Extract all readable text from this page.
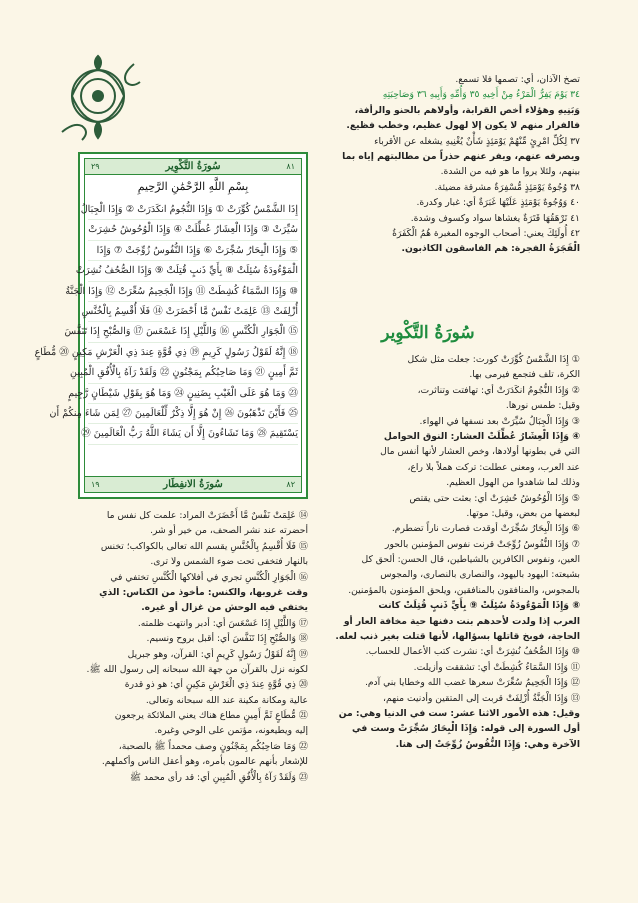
تصخ الآذان، أي: تصمها فلا تسمع.
٣٤ يَوْمَ يَفِرُّ الْمَرْءُ مِنْ أَخِيهِ ٣٥ وَأُمِّهِ وَأَبِيهِ ٣٦ وَصَاحِبَتِهِ
وَبَنِيهِ وهؤلاء أخص القرابة، وأولاهم بالحنو والرأفة،
فالفرار منهم لا يكون إلا لهول عظيم، وخطب فظيع.
٣٧ لِكُلِّ امْرِئٍ مِّنْهُمْ يَوْمَئِذٍ شَأْنٌ يُغْنِيهِ يشغله عن الأقرباء
ويصرفه عنهم، ويفر عنهم حذراً من مطالبتهم إياه بما
بينهم، ولئلا يروا ما هو فيه من الشدة.
٣٨ وُجُوهٌ يَوْمَئِذٍ مُّسْفِرَةٌ مشرقة مضيئة.
٤٠ وَوُجُوهٌ يَوْمَئِذٍ عَلَيْهَا غَبَرَةٌ أي: غبار وكدرة.
٤١ تَرْهَقُهَا قَتَرَةٌ يغشاها سواد وكسوف وشدة.
٤٢ أُولَئِكَ يعني: أصحاب الوجوه المغبرة هُمُ الْكَفَرَةُ
الْفَجَرَةُ الفجرة: هم الفاسقون الكاذبون.
سُورَةُ التَّكْوِير
① إِذَا الشَّمْسُ كُوِّرَتْ كورت: جعلت مثل شكل
الكرة، تلف فتجمع فيرمى بها.
② وَإِذَا النُّجُومُ انكَدَرَتْ أي: تهافتت وتناثرت،
وقيل: طمس نورها.
③ وَإِذَا الْجِبَالُ سُيِّرَتْ بعد نسفها في الهواء.
④ وَإِذَا الْعِشَارُ عُطِّلَتْ العشار: النوق الحوامل
التي في بطونها أولادها، وخص العشار لأنها أنفس مال
عند العرب، ومعنى عطلت: تركت هملاً بلا راع،
وذلك لما شاهدوا من الهول العظيم.
⑤ وَإِذَا الْوُحُوشُ حُشِرَتْ أي: بعثت حتى يقتص
لبعضها من بعض، وقيل: موتها.
⑥ وَإِذَا الْبِحَارُ سُجِّرَتْ أوقدت فصارت ناراً تضطرم.
⑦ وَإِذَا النُّفُوسُ زُوِّجَتْ قرنت نفوس المؤمنين بالحور
العين، ونفوس الكافرين بالشياطين، قال الحسن: ألحق كل
بشيعته: اليهود باليهود، والنصارى بالنصارى، والمجوس
بالمجوس، والمنافقون بالمنافقين، ويلحق المؤمنون بالمؤمنين.
⑧ وَإِذَا الْمَوْءُودَةُ سُئِلَتْ ⑨ بِأَيِّ ذَنبٍ قُتِلَتْ كانت
العرب إذا ولدت لأحدهم بنت دفنها حية مخافة العار أو
الحاجة، فوبخ قاتلها بسؤالها، لأنها قتلت بغير ذنب لعله.
⑩ وَإِذَا الصُّحُفُ نُشِرَتْ أي: نشرت كتب الأعمال للحساب.
⑪ وَإِذَا السَّمَاءُ كُشِطَتْ أي: تشققت وأزيلت.
⑫ وَإِذَا الْجَحِيمُ سُعِّرَتْ سعرها غضب الله وخطايا بني آدم.
⑬ وَإِذَا الْجَنَّةُ أُزْلِفَتْ قربت إلى المتقين وأدنيت منهم،
وقيل: هذه الأمور الاثنا عشر: ست في الدنيا وهي: من
أول السورة إلى قوله: وَإِذَا الْبِحَارُ سُجِّرَتْ وست في
الآخرة وهي: وَإِذَا النُّفُوسُ زُوِّجَتْ إلى هنا.
٨١
سُورَةُ التَّكْوِير
٢٩
بِسْمِ اللَّهِ الرَّحْمَٰنِ الرَّحِيمِ
إِذَا الشَّمْسُ كُوِّرَتْ ① وَإِذَا النُّجُومُ انكَدَرَتْ ② وَإِذَا الْجِبَالُ
سُيِّرَتْ ③ وَإِذَا الْعِشَارُ عُطِّلَتْ ④ وَإِذَا الْوُحُوشُ حُشِرَتْ
⑤ وَإِذَا الْبِحَارُ سُجِّرَتْ ⑥ وَإِذَا النُّفُوسُ زُوِّجَتْ ⑦ وَإِذَا
الْمَوْءُودَةُ سُئِلَتْ ⑧ بِأَيِّ ذَنبٍ قُتِلَتْ ⑨ وَإِذَا الصُّحُفُ نُشِرَتْ
⑩ وَإِذَا السَّمَاءُ كُشِطَتْ ⑪ وَإِذَا الْجَحِيمُ سُعِّرَتْ ⑫ وَإِذَا الْجَنَّةُ
أُزْلِفَتْ ⑬ عَلِمَتْ نَفْسٌ مَّا أَحْضَرَتْ ⑭ فَلَا أُقْسِمُ بِالْخُنَّسِ
⑮ الْجَوَارِ الْكُنَّسِ ⑯ وَاللَّيْلِ إِذَا عَسْعَسَ ⑰ وَالصُّبْحِ إِذَا تَنَفَّسَ
⑱ إِنَّهُ لَقَوْلُ رَسُولٍ كَرِيمٍ ⑲ ذِي قُوَّةٍ عِندَ ذِي الْعَرْشِ مَكِينٍ ⑳ مُّطَاعٍ
ثَمَّ أَمِينٍ ㉑ وَمَا صَاحِبُكُم بِمَجْنُونٍ ㉒ وَلَقَدْ رَآهُ بِالْأُفُقِ الْمُبِينِ
㉓ وَمَا هُوَ عَلَى الْغَيْبِ بِضَنِينٍ ㉔ وَمَا هُوَ بِقَوْلِ شَيْطَانٍ رَّجِيمٍ
㉕ فَأَيْنَ تَذْهَبُونَ ㉖ إِنْ هُوَ إِلَّا ذِكْرٌ لِّلْعَالَمِينَ ㉗ لِمَن شَاءَ مِنكُمْ أَن
يَسْتَقِيمَ ㉘ وَمَا تَشَاءُونَ إِلَّا أَن يَشَاءَ اللَّهُ رَبُّ الْعَالَمِينَ ㉙
٨٢
سُورَةُ الانفِطَار
١٩
⑭ عَلِمَتْ نَفْسٌ مَّا أَحْضَرَتْ المراد: علمت كل نفس ما
أحضرته عند نشر الصحف، من خير أو شر.
⑮ فَلَا أُقْسِمُ بِالْخُنَّسِ يقسم الله تعالى بالكواكب؛ تخنس
بالنهار فتخفى تحت ضوء الشمس ولا ترى.
⑯ الْجَوَارِ الْكُنَّسِ تجري في أفلاكها الْكُنَّسِ تختفي في
وقت غروبها، والكنس: مأخوذ من الكناس: الذي
يختفي فيه الوحش من غزال أو غيره.
⑰ وَاللَّيْلِ إِذَا عَسْعَسَ أي: أدبر وانتهت ظلمته.
⑱ وَالصُّبْحِ إِذَا تَنَفَّسَ أي: أقبل بروح ونسيم.
⑲ إِنَّهُ لَقَوْلُ رَسُولٍ كَرِيمٍ أي: القرآن، وهو جبريل
لكونه نزل بالقرآن من جهة الله سبحانه إلى رسول الله ﷺ.
⑳ ذِي قُوَّةٍ عِندَ ذِي الْعَرْشِ مَكِينٍ أي: هو ذو قدرة
عالية ومكانة مكينة عند الله سبحانه وتعالى.
㉑ مُّطَاعٍ ثَمَّ أَمِينٍ مطاع هناك يعني الملائكة يرجعون
إليه ويطيعونه، مؤتمن على الوحي وغيره.
㉒ وَمَا صَاحِبُكُم بِمَجْنُونٍ وصف محمداً ﷺ بالصحبة،
للإشعار بأنهم عالمون بأمره، وهو أعقل الناس وأكملهم.
㉓ وَلَقَدْ رَآهُ بِالْأُفُقِ الْمُبِينِ أي: قد رأى محمد ﷺ
